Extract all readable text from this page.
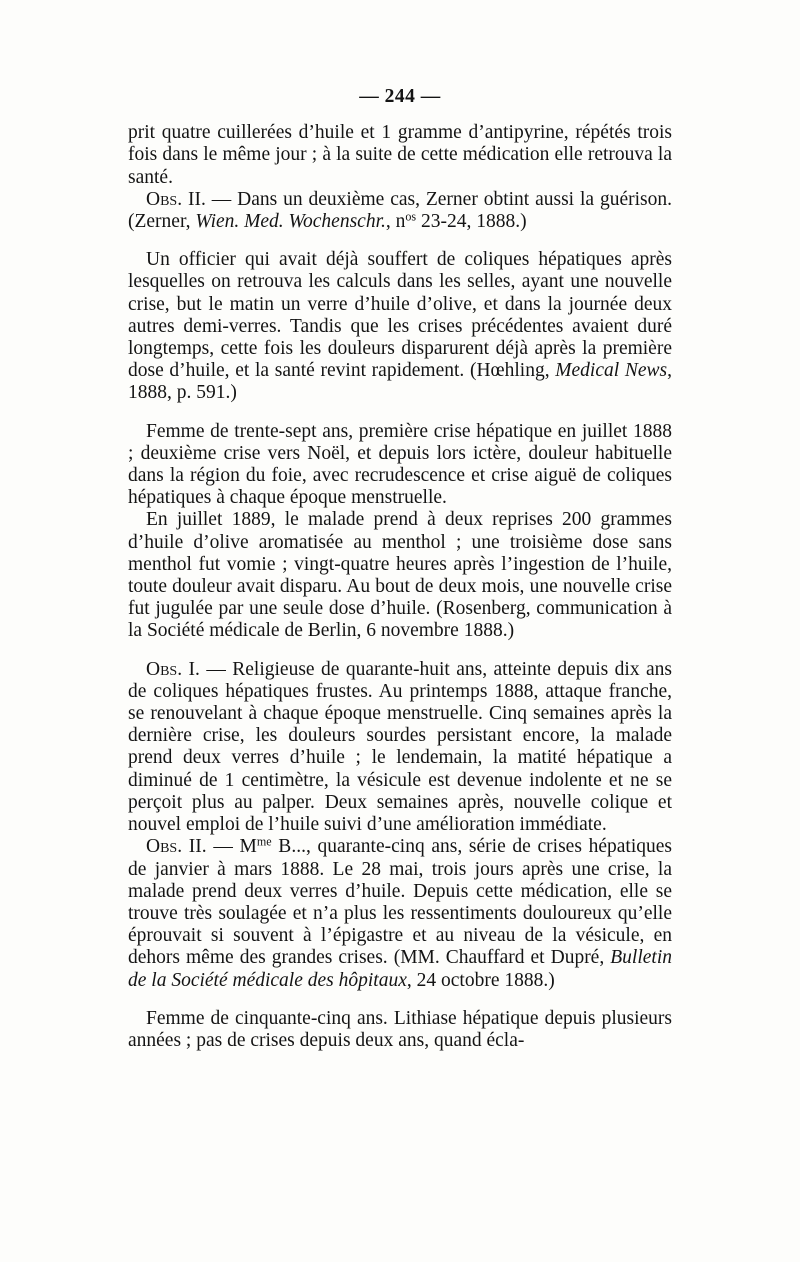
— 244 —

prit quatre cuillerées d’huile et 1 gramme d’antipyrine, répétés trois fois dans le même jour ; à la suite de cette médication elle retrouva la santé.

Obs. II. — Dans un deuxième cas, Zerner obtint aussi la guérison. (Zerner, Wien. Med. Wochenschr., $n^{os}$ 23-24, 1888.)

Un officier qui avait déjà souffert de coliques hépatiques après lesquelles on retrouva les calculs dans les selles, ayant une nouvelle crise, but le matin un verre d’huile d’olive, et dans la journée deux autres demi-verres. Tandis que les crises précédentes avaient duré longtemps, cette fois les douleurs disparurent déjà après la première dose d’huile, et la santé revint rapidement. (Hœhling, Medical News, 1888, p. 591.)

Femme de trente-sept ans, première crise hépatique en juillet 1888 ; deuxième crise vers Noël, et depuis lors ictère, douleur habituelle dans la région du foie, avec recrudescence et crise aiguë de coliques hépatiques à chaque époque menstruelle.

En juillet 1889, le malade prend à deux reprises 200 grammes d’huile d’olive aromatisée au menthol ; une troisième dose sans menthol fut vomie ; vingt-quatre heures après l’ingestion de l’huile, toute douleur avait disparu. Au bout de deux mois, une nouvelle crise fut jugulée par une seule dose d’huile. (Rosenberg, communication à la Société médicale de Berlin, 6 novembre 1888.)

Obs. I. — Religieuse de quarante-huit ans, atteinte depuis dix ans de coliques hépatiques frustes. Au printemps 1888, attaque franche, se renouvelant à chaque époque menstruelle. Cinq semaines après la dernière crise, les douleurs sourdes persistant encore, la malade prend deux verres d’huile ; le lendemain, la matité hépatique a diminué de 1 centimètre, la vésicule est devenue indolente et ne se perçoit plus au palper. Deux semaines après, nouvelle colique et nouvel emploi de l’huile suivi d’une amélioration immédiate.

Obs. II. — $M^{me}$ B..., quarante-cinq ans, série de crises hépatiques de janvier à mars 1888. Le 28 mai, trois jours après une crise, la malade prend deux verres d’huile. Depuis cette médication, elle se trouve très soulagée et n’a plus les ressentiments douloureux qu’elle éprouvait si souvent à l’épigastre et au niveau de la vésicule, en dehors même des grandes crises. (MM. Chauffard et Dupré, Bulletin de la Société médicale des hôpitaux, 24 octobre 1888.)

Femme de cinquante-cinq ans. Lithiase hépatique depuis plusieurs années ; pas de crises depuis deux ans, quand écla-
